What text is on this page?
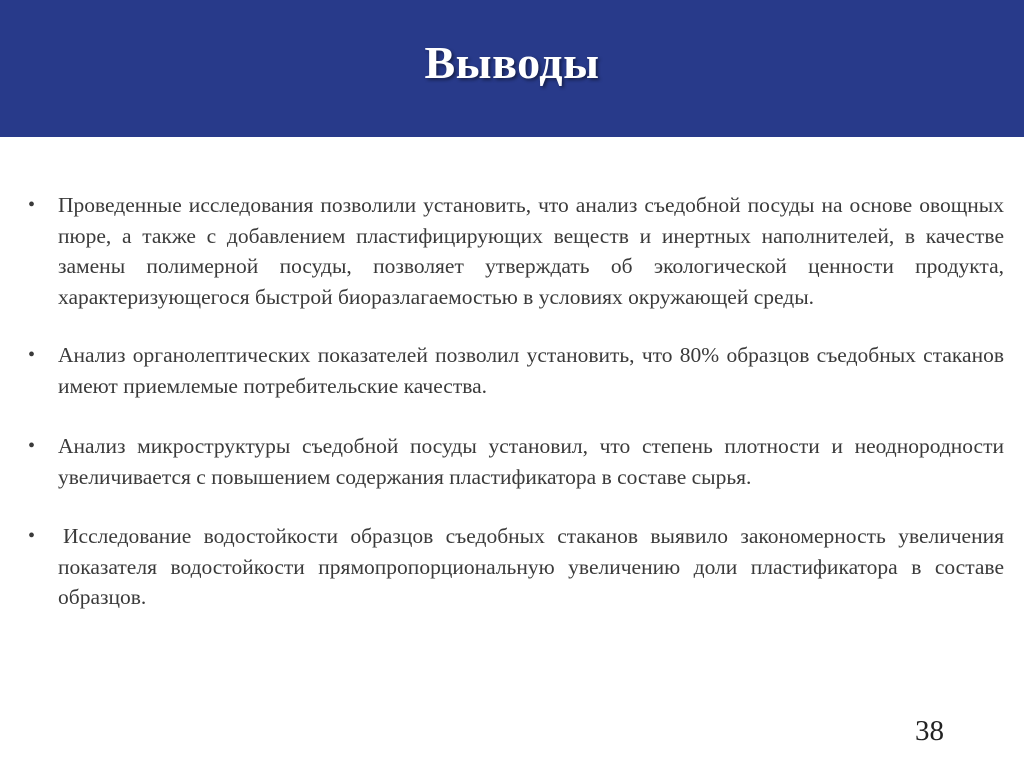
Выводы
•	Проведенные исследования позволили установить, что анализ съедобной посуды на основе овощных пюре, а также с добавлением пластифицирующих веществ и инертных наполнителей, в качестве замены полимерной посуды, позволяет утверждать об экологической ценности продукта, характеризующегося быстрой биоразлагаемостью в условиях окружающей среды.
•	Анализ органолептических показателей позволил установить, что 80% образцов съедобных стаканов имеют приемлемые потребительские качества.
•	Анализ микроструктуры съедобной посуды установил, что степень плотности и неоднородности увеличивается с повышением содержания пластификатора в составе сырья.
•	Исследование водостойкости образцов съедобных стаканов выявило закономерность увеличения показателя водостойкости прямопропорциональную увеличению доли пластификатора в составе образцов.
38
